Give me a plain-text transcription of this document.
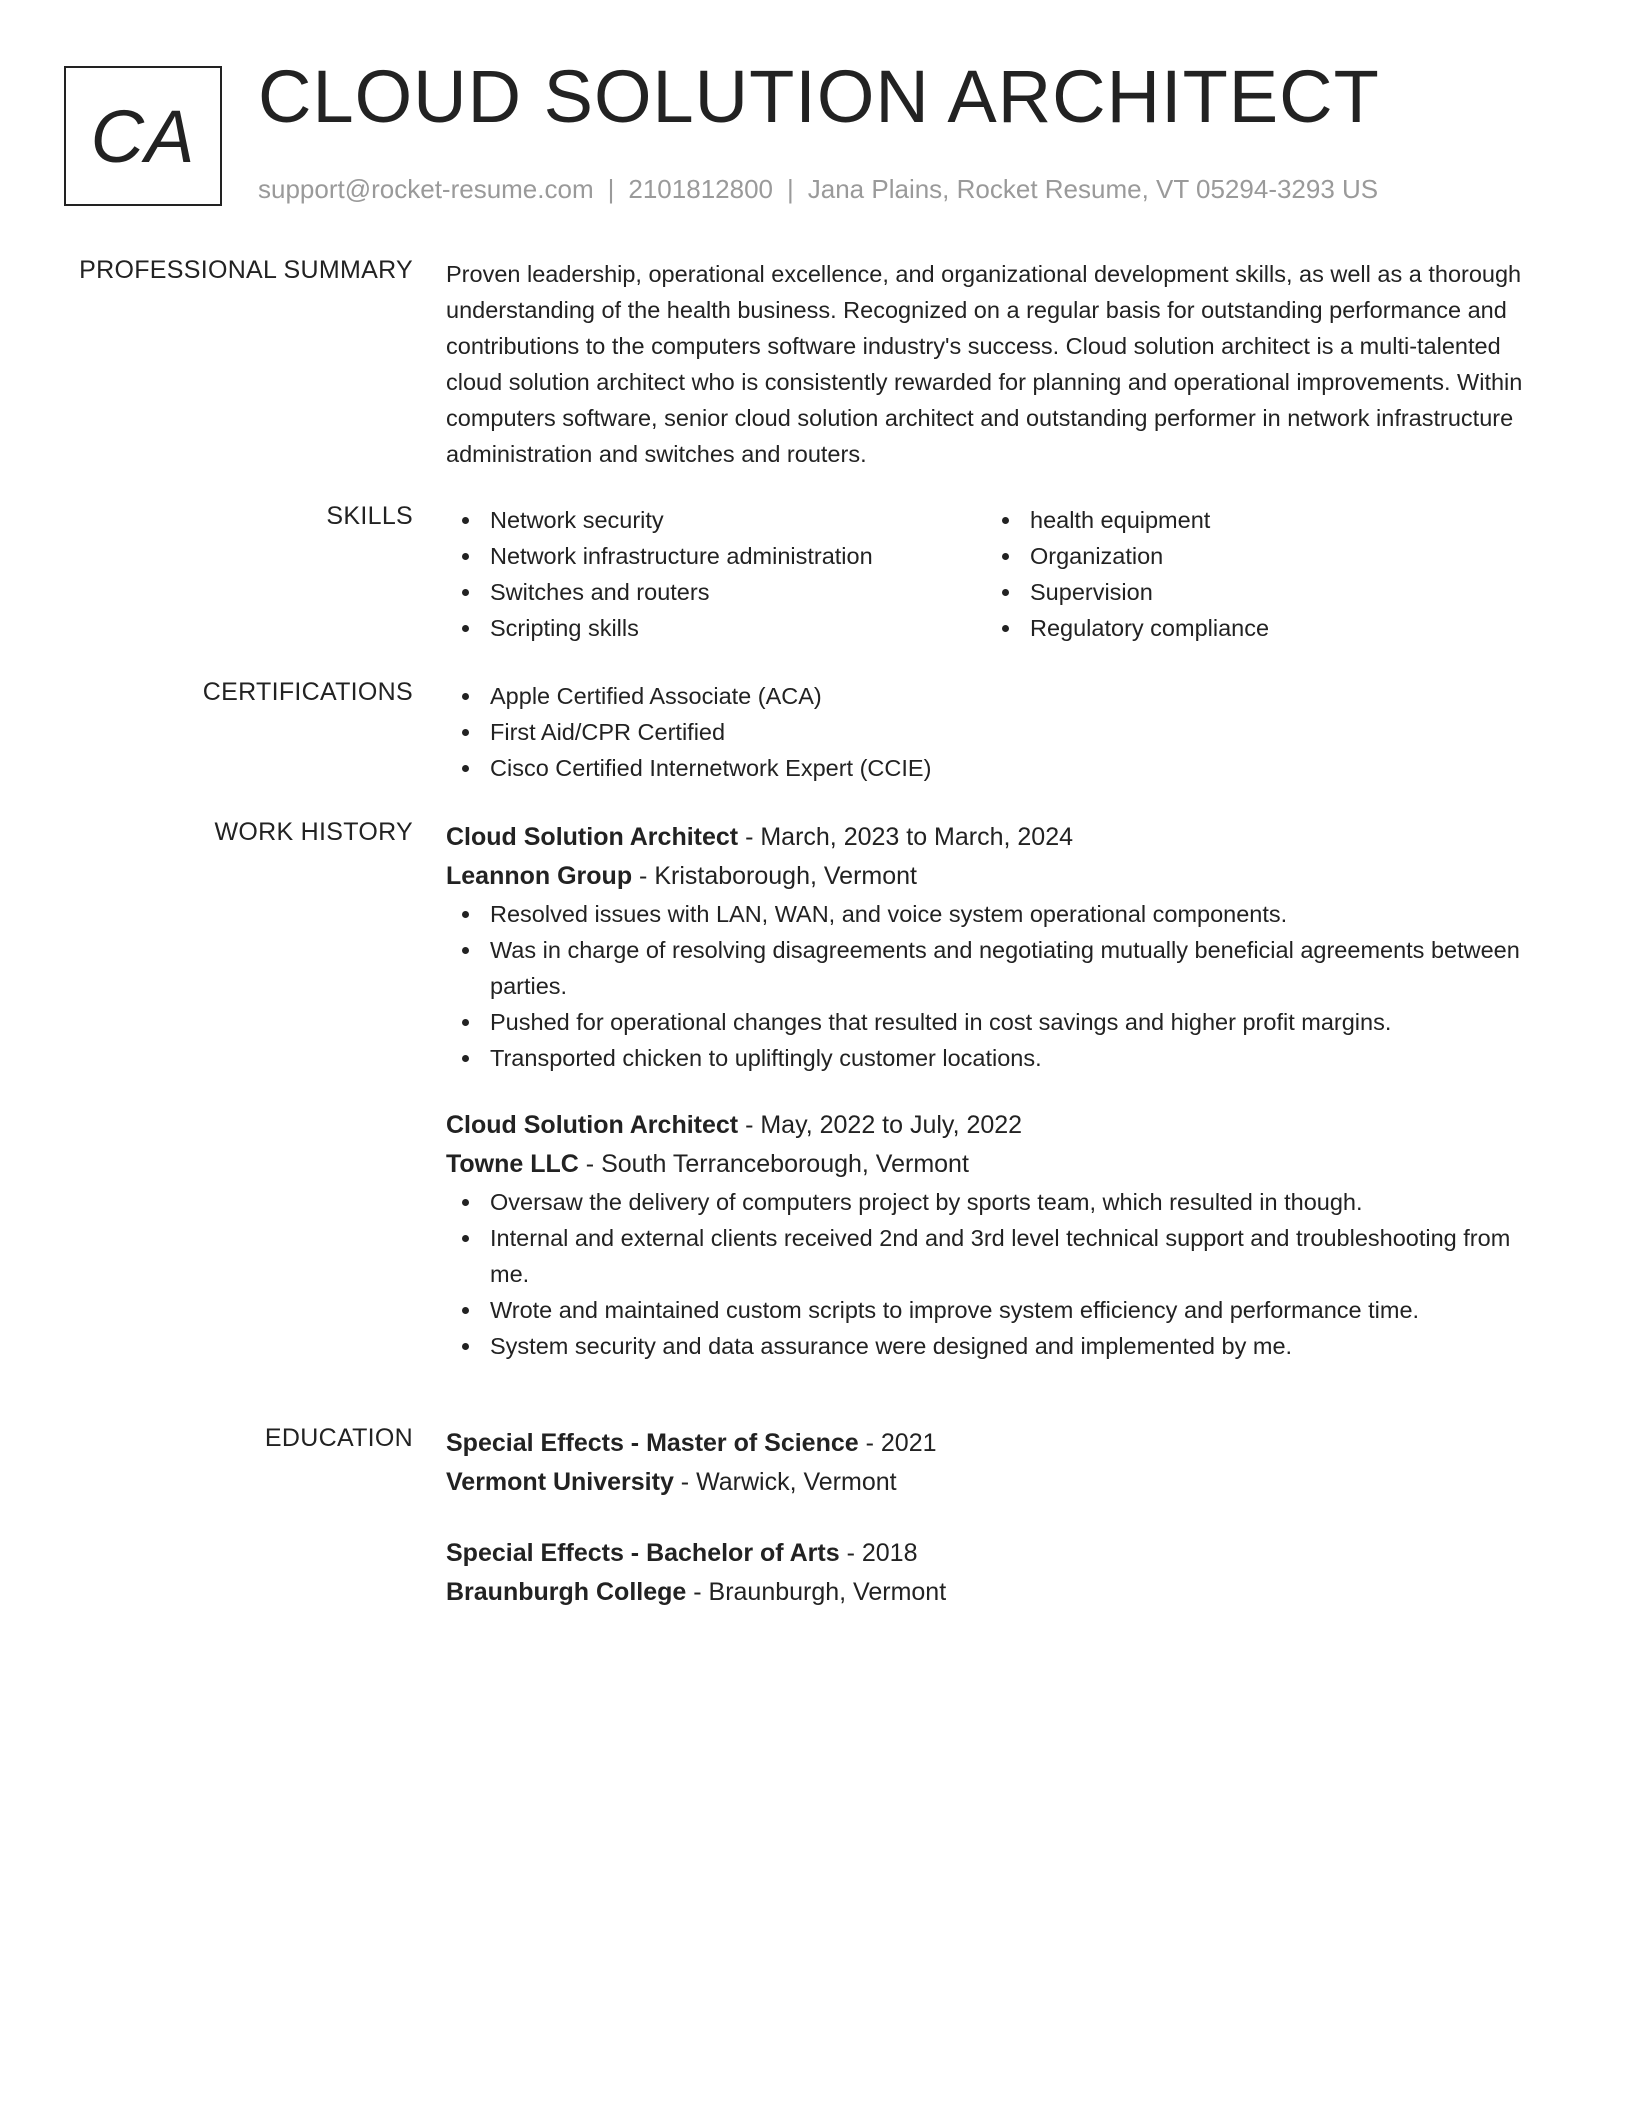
CA CLOUD SOLUTION ARCHITECT
support@rocket-resume.com | 2101812800 | Jana Plains, Rocket Resume, VT 05294-3293 US
PROFESSIONAL SUMMARY Proven leadership, operational excellence, and organizational development skills, as well as a thorough understanding of the health business. Recognized on a regular basis for outstanding performance and contributions to the computers software industry's success. Cloud solution architect is a multi-talented cloud solution architect who is consistently rewarded for planning and operational improvements. Within computers software, senior cloud solution architect and outstanding performer in network infrastructure administration and switches and routers.

SKILLS	Network security
Network infrastructure administration
Switches and routers
Scripting skills
health equipment
Organization
Supervision
Regulatory compliance
CERTIFICATIONS	Apple Certified Associate (ACA)
First Aid/CPR Certified
Cisco Certified Internetwork Expert (CCIE)
WORK HISTORY Cloud Solution Architect - March, 2023 to March, 2024
Leannon Group - Kristaborough, Vermont
Resolved issues with LAN, WAN, and voice system operational components.
Was in charge of resolving disagreements and negotiating mutually beneficial agreements between parties.
Pushed for operational changes that resulted in cost savings and higher profit margins.
Transported chicken to upliftingly customer locations.
Cloud Solution Architect - May, 2022 to July, 2022
Towne LLC - South Terranceborough, Vermont
Oversaw the delivery of computers project by sports team, which resulted in though.
Internal and external clients received 2nd and 3rd level technical support and troubleshooting from me.
Wrote and maintained custom scripts to improve system efficiency and performance time.
System security and data assurance were designed and implemented by me.
EDUCATION Special Effects - Master of Science - 2021
Vermont University - Warwick, Vermont
Special Effects - Bachelor of Arts - 2018
Braunburgh College - Braunburgh, Vermont
